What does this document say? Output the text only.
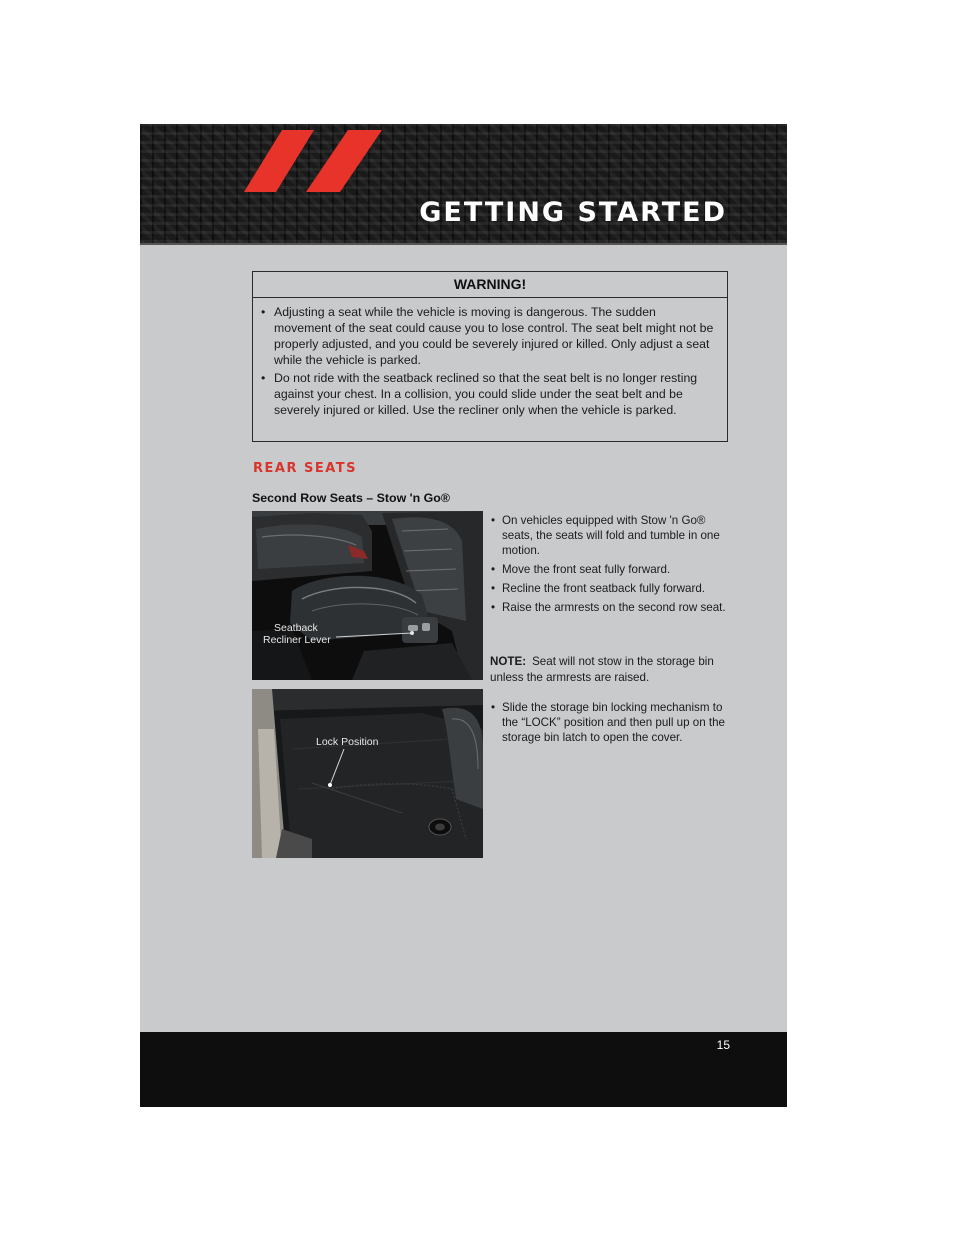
GETTING STARTED
WARNING!
• Adjusting a seat while the vehicle is moving is dangerous. The sudden movement of the seat could cause you to lose control. The seat belt might not be properly adjusted, and you could be severely injured or killed. Only adjust a seat while the vehicle is parked.
• Do not ride with the seatback reclined so that the seat belt is no longer resting against your chest. In a collision, you could slide under the seat belt and be severely injured or killed. Use the recliner only when the vehicle is parked.
REAR SEATS
Second Row Seats – Stow 'n Go®
Seatback
Recliner Lever
Lock Position
• On vehicles equipped with Stow 'n Go® seats, the seats will fold and tumble in one motion.
• Move the front seat fully forward.
• Recline the front seatback fully forward.
• Raise the armrests on the second row seat.
NOTE: Seat will not stow in the storage bin unless the armrests are raised.
• Slide the storage bin locking mechanism to the “LOCK” position and then pull up on the storage bin latch to open the cover.
15
